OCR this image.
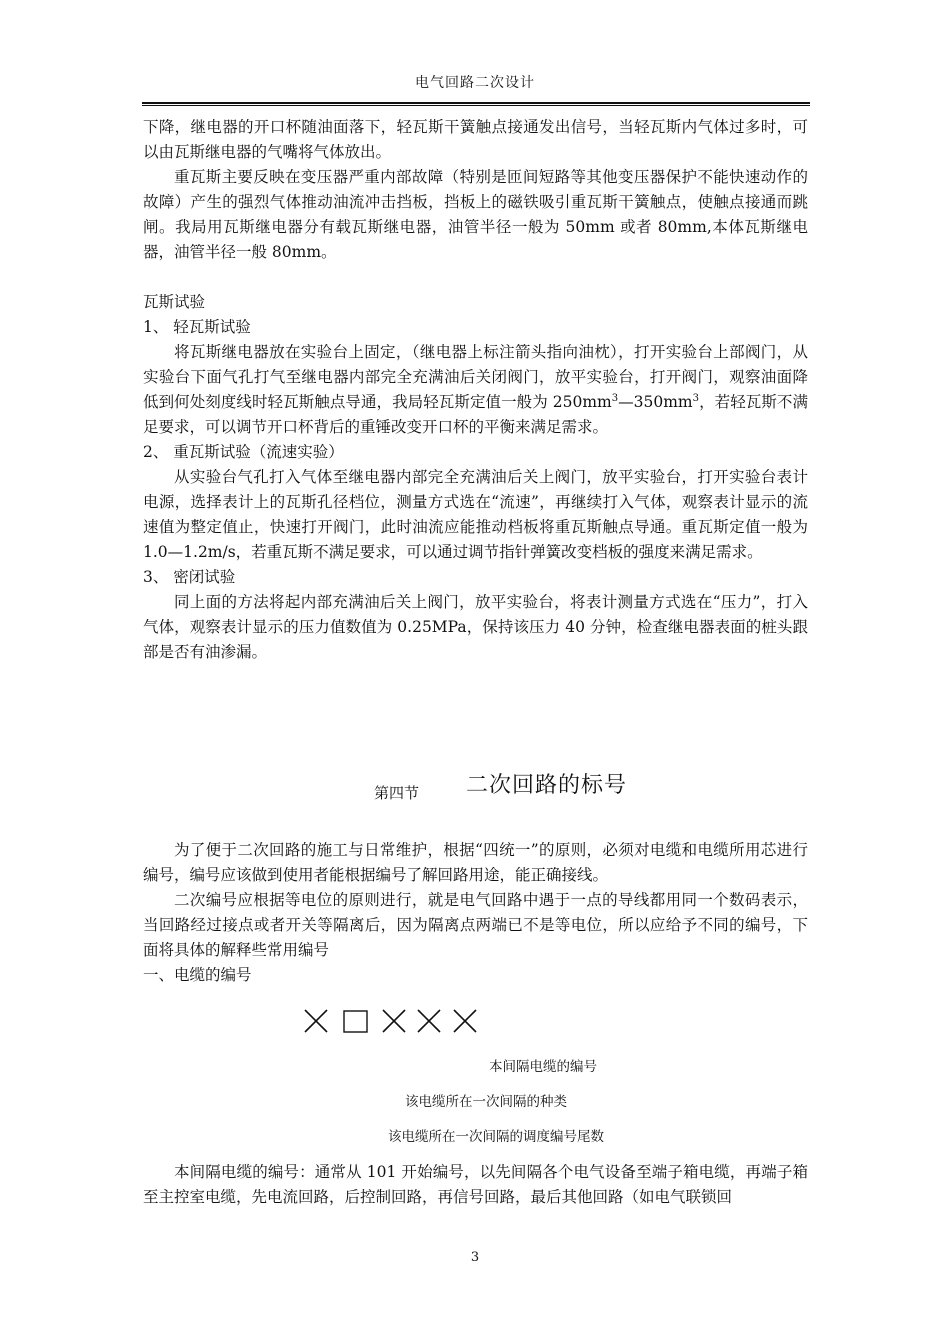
电气回路二次设计

下降，继电器的开口杯随油面落下，轻瓦斯干簧触点接通发出信号，当轻瓦斯内气体过多时，可以由瓦斯继电器的气嘴将气体放出。

重瓦斯主要反映在变压器严重内部故障（特别是匝间短路等其他变压器保护不能快速动作的故障）产生的强烈气体推动油流冲击挡板，挡板上的磁铁吸引重瓦斯干簧触点，使触点接通而跳闸。我局用瓦斯继电器分有载瓦斯继电器，油管半径一般为 50mm 或者 80mm,本体瓦斯继电器，油管半径一般 80mm。

瓦斯试验

1、 轻瓦斯试验

将瓦斯继电器放在实验台上固定，（继电器上标注箭头指向油枕），打开实验台上部阀门，从实验台下面气孔打气至继电器内部完全充满油后关闭阀门，放平实验台，打开阀门，观察油面降低到何处刻度线时轻瓦斯触点导通，我局轻瓦斯定值一般为 $250mm^3—350mm^3$，若轻瓦斯不满足要求，可以调节开口杯背后的重锤改变开口杯的平衡来满足需求。

2、 重瓦斯试验（流速实验）

从实验台气孔打入气体至继电器内部完全充满油后关上阀门，放平实验台，打开实验台表计电源，选择表计上的瓦斯孔径档位，测量方式选在“流速”，再继续打入气体，观察表计显示的流速值为整定值止，快速打开阀门，此时油流应能推动档板将重瓦斯触点导通。重瓦斯定值一般为 1.0—1.2m/s，若重瓦斯不满足要求，可以通过调节指针弹簧改变档板的强度来满足需求。

3、 密闭试验

同上面的方法将起内部充满油后关上阀门，放平实验台，将表计测量方式选在“压力”，打入气体，观察表计显示的压力值数值为 0.25MPa，保持该压力 40 分钟，检查继电器表面的桩头跟部是否有油渗漏。

第四节 二次回路的标号

为了便于二次回路的施工与日常维护，根据“四统一”的原则，必须对电缆和电缆所用芯进行编号，编号应该做到使用者能根据编号了解回路用途，能正确接线。

二次编号应根据等电位的原则进行，就是电气回路中遇于一点的导线都用同一个数码表示，当回路经过接点或者开关等隔离后，因为隔离点两端已不是等电位，所以应给予不同的编号，下面将具体的解释些常用编号

一、电缆的编号

本间隔电缆的编号
该电缆所在一次间隔的种类
该电缆所在一次间隔的调度编号尾数

本间隔电缆的编号：通常从 101 开始编号，以先间隔各个电气设备至端子箱电缆，再端子箱至主控室电缆，先电流回路，后控制回路，再信号回路，最后其他回路（如电气联锁回

3
